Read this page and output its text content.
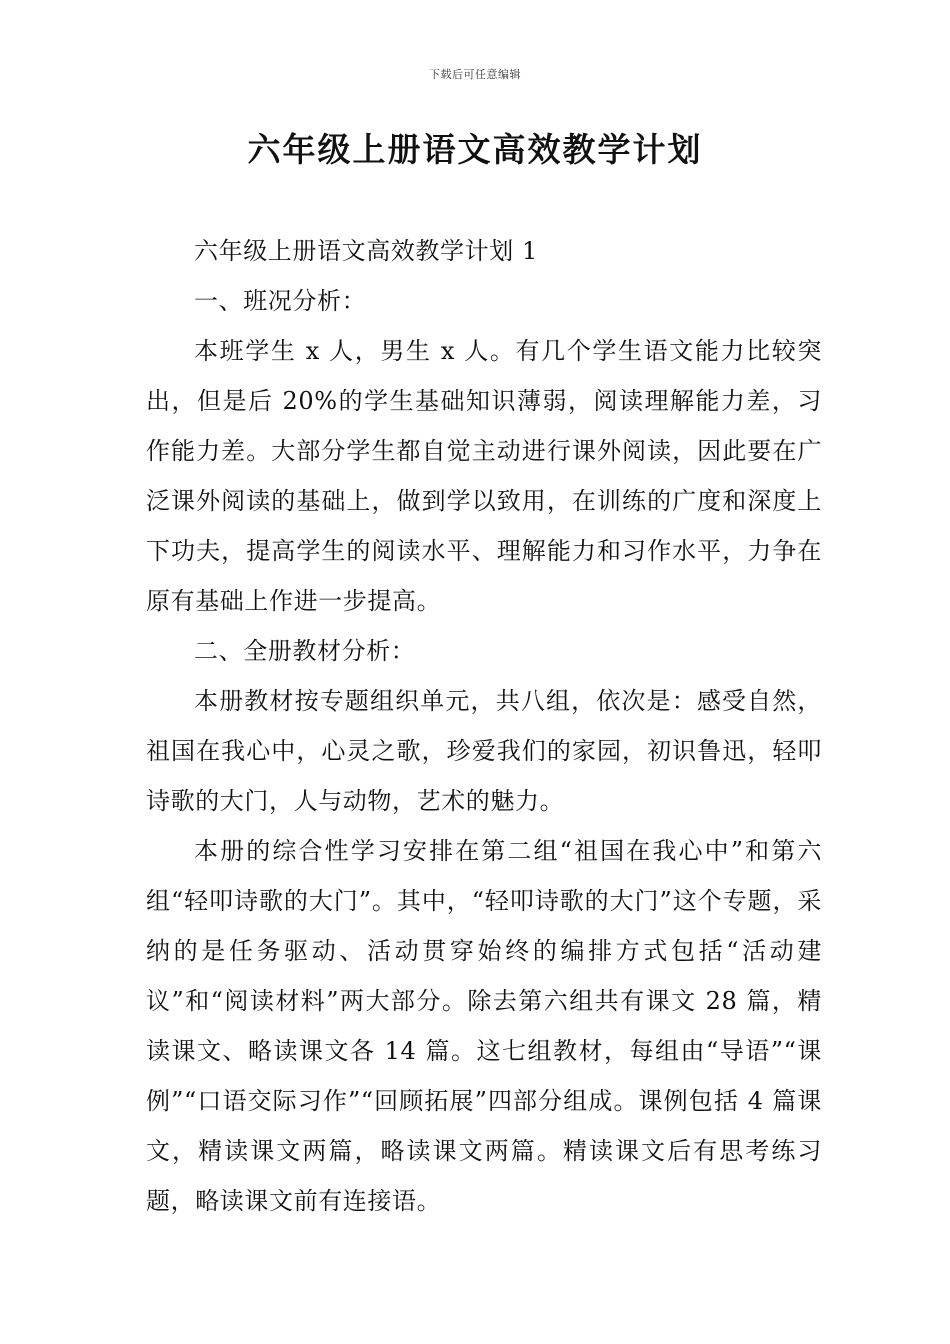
下载后可任意编辑
六年级上册语文高效教学计划

六年级上册语文高效教学计划 1

一、班况分析：

本班学生 x 人，男生 x 人。有几个学生语文能力比较突出，但是后 20%的学生基础知识薄弱，阅读理解能力差，习作能力差。大部分学生都自觉主动进行课外阅读，因此要在广泛课外阅读的基础上，做到学以致用，在训练的广度和深度上下功夫，提高学生的阅读水平、理解能力和习作水平，力争在原有基础上作进一步提高。

二、全册教材分析：

本册教材按专题组织单元，共八组，依次是：感受自然，祖国在我心中，心灵之歌，珍爱我们的家园，初识鲁迅，轻叩诗歌的大门，人与动物，艺术的魅力。

本册的综合性学习安排在第二组“祖国在我心中”和第六组“轻叩诗歌的大门”。其中，“轻叩诗歌的大门”这个专题，采纳的是任务驱动、活动贯穿始终的编排方式包括“活动建议”和“阅读材料”两大部分。除去第六组共有课文 28 篇，精读课文、略读课文各 14 篇。这七组教材，每组由“导语”“课例”“口语交际习作”“回顾拓展”四部分组成。课例包括 4 篇课文，精读课文两篇，略读课文两篇。精读课文后有思考练习题，略读课文前有连接语。
